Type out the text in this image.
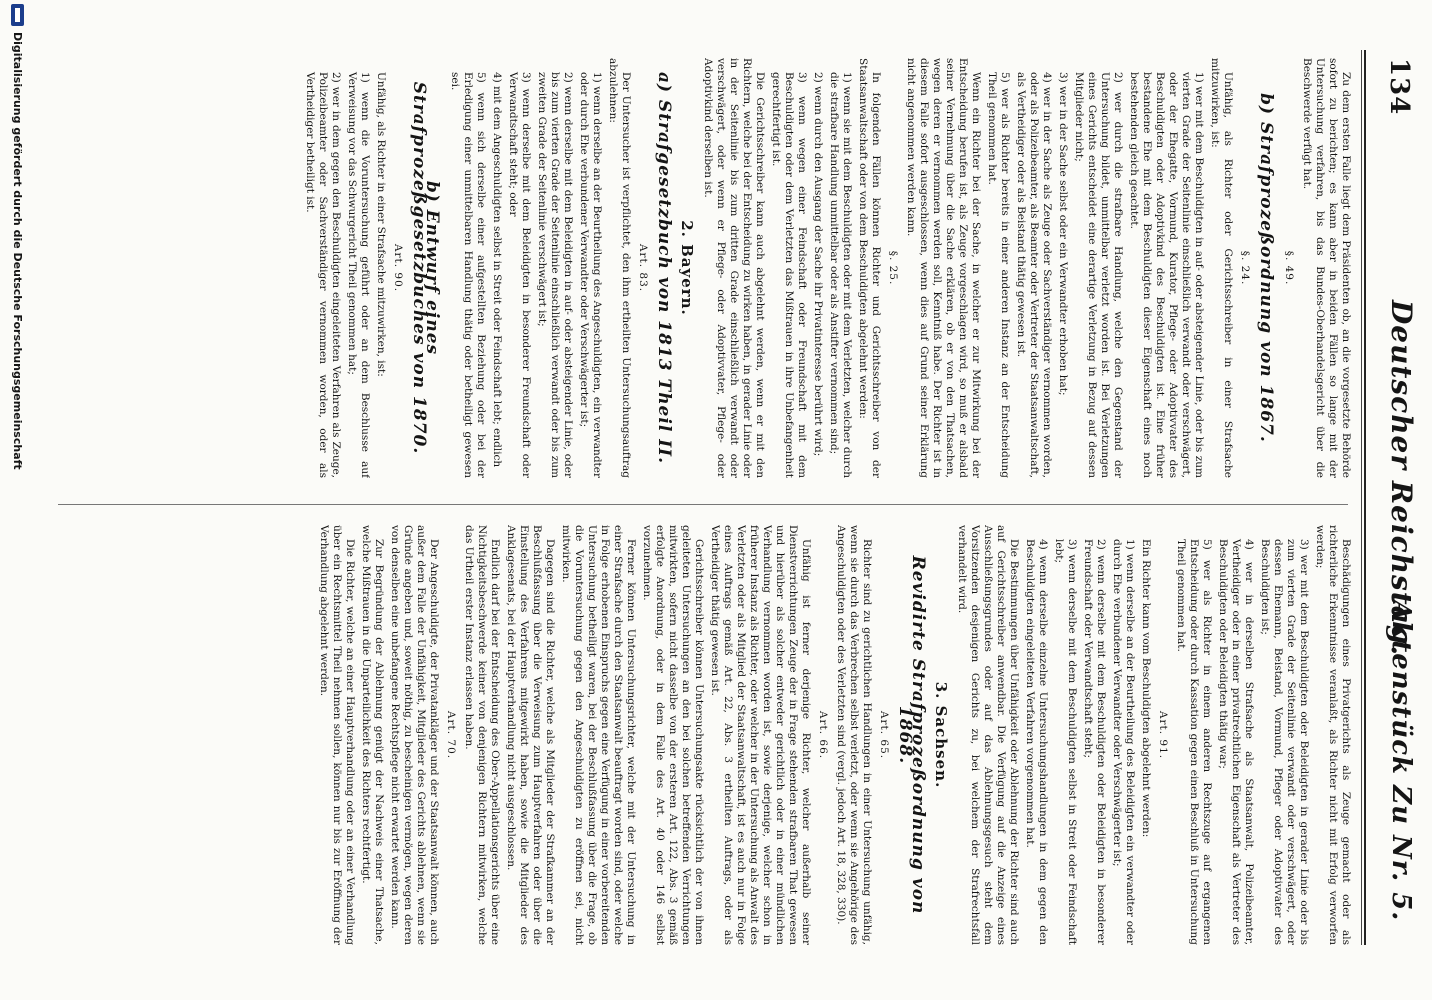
134
Deutscher Reichstag.
Aktenstück Zu Nr. 5.

Zu dem ersten Falle liegt dem Präsidenten ob, an die vorgesetzte Behörde sofort zu berichten; es kann aber in beiden Fällen so lange mit der Untersuchung verfahren, bis das Bundes-Oberhandelsgericht über die Beschwerde verfügt hat.

§. 49.
b) Strafprozeßordnung von 1867.
§. 24.

Unfähig, als Richter oder Gerichtsschreiber in einer Strafsache mitzuwirken, ist:

1) wer mit dem Beschuldigten in auf- oder absteigender Linie, oder bis zum vierten Grade der Seitenlinie einschließlich verwandt oder verschwägert, oder der Ehegatte, Vormund, Kurator, Pflege- oder Adoptivvater des Beschuldigten oder Adoptivkind des Beschuldigten ist. Eine früher bestandene Ehe mit dem Beschuldigten dieser Eigenschaft eines noch bestehenden gleich geachtet.

2) wer durch die strafbare Handlung, welche den Gegenstand der Untersuchung bildet, unmittelbar verletzt worden ist. Bei Verletzungen eines Gerichts entscheidet eine derartige Verletzung in Bezug auf dessen Mitglieder nicht;

3) wer in der Sache selbst oder ein Verwandter erhoben hat;

4) wer in der Sache als Zeuge oder Sachverständiger vernommen worden, oder als Polizeibeamter, als Beamter oder Vertreter der Staatsanwaltschaft, als Vertheidiger oder als Beistand thätig gewesen ist.

5) wer als Richter bereits in einer anderen Instanz an der Entscheidung Theil genommen hat.

Wenn ein Richter bei der Sache, in welcher er zur Mitwirkung bei der Entscheidung berufen ist, als Zeuge vorgeschlagen wird, so muß er alsbald seiner Vernehmung über die Sache erklären, ob er von den Thatsachen, wegen deren er vernommen werden soll, Kenntniß habe. Der Richter ist in diesem Falle sofort ausgeschlossen, wenn dies auf Grund seiner Erklärung nicht angenommen werden kann.

§. 25.

In folgenden Fällen können Richter und Gerichtsschreiber von der Staatsanwaltschaft oder von dem Beschuldigten abgelehnt werden:

1) wenn sie mit dem Beschuldigten oder mit dem Verletzten, welcher durch die strafbare Handlung unmittelbar oder als Anstifter vernommen sind;

2) wenn durch den Ausgang der Sache ihr Privatinteresse berührt wird;

3) wenn wegen einer Feindschaft oder Freundschaft mit dem Beschuldigten oder dem Verletzten das Mißtrauen in ihre Unbefangenheit gerechtfertigt ist.

Die Gerichtsschreiber kann auch abgelehnt werden, wenn er mit den Richtern, welche bei der Entscheidung zu wirken haben, in gerader Linie oder in der Seitenlinie bis zum dritten Grade einschließlich verwandt oder verschwägert, oder wenn er Pflege- oder Adoptivvater, Pflege- oder Adoptivkind derselben ist.

2. Bayern.
a) Strafgesetzbuch von 1813 Theil II.
Art. 83.

Der Untersucher ist verpflichtet, den ihm ertheilten Untersuchungsauftrag abzulehnen:

1) wenn derselbe an der Beurtheilung des Angeschuldigten, ein verwandter oder durch Ehe verbundener Verwandter oder Verschwägerter ist;

2) wenn derselbe mit dem Beleidigten in auf- oder absteigender Linie, oder bis zum vierten Grade der Seitenlinie einschließlich verwandt oder bis zum zweiten Grade der Seitenlinie verschwägert ist;

3) wenn derselbe mit dem Beleidigten in besonderer Freundschaft oder Verwandtschaft steht; oder

4) mit dem Angeschuldigten selbst in Streit oder Feindschaft lebt; endlich

5) wenn sich derselbe einer aufgestellten Beziehung oder bei der Erledigung einer unmittelbaren Handlung thätig oder betheiligt gewesen sei.

b) Entwurf eines Strafprozeßgesetzbuches von 1870.
Art. 90.

Unfähig, als Richter in einer Strafsache mitzuwirken, ist:

1) wenn die Voruntersuchung geführt oder an dem Beschlusse auf Verweisung vor das Schwurgericht Theil genommen hat;

2) wer in dem gegen den Beschuldigten eingeleiteten Verfahren als Zeuge, Polizeibeamter oder Sachverständiger vernommen worden, oder als Vertheidiger betheiligt ist.

Beschädigungen eines Privatgerichts als Zeuge gemacht oder als richterliche Erkenntnisse veranlaßt, als Richter nicht mit Erfolg verworfen werden;

3) wer mit dem Beschuldigten oder Beleidigten in gerader Linie oder bis zum vierten Grade der Seitenlinie verwandt oder verschwägert, oder dessen Ehemann, Beistand, Vormund, Pfleger oder Adoptivvater des Beschuldigten ist;

4) wer in derselben Strafsache als Staatsanwalt, Polizeibeamter, Vertheidiger oder in einer privatrechtlichen Eigenschaft als Vertreter des Beschuldigten oder Beleidigten thätig war;

5) wer als Richter in einem anderen Rechtszuge auf ergangenen Entscheidung oder durch Kassation gegen einen Beschluß in Untersuchung Theil genommen hat.

Art. 91.

Ein Richter kann vom Beschuldigten abgelehnt werden:

1) wenn derselbe an der Beurtheilung des Beleidigten ein verwandter oder durch Ehe verbundener Verwandter oder Verschwägerter ist;

2) wenn derselbe mit dem Beschuldigten oder Beleidigten in besonderer Freundschaft oder Verwandtschaft steht;

3) wenn derselbe mit dem Beschuldigten selbst in Streit oder Feindschaft lebt;

4) wenn derselbe einzelne Untersuchungshandlungen in dem gegen den Beschuldigten eingeleiteten Verfahren vorgenommen hat.

Die Bestimmungen über Unfähigkeit oder Ablehnung der Richter sind auch auf Gerichtsschreiber anwendbar. Die Verfügung auf die Anzeige eines Ausschließungsgrundes oder auf das Ablehnungsgesuch steht dem Vorsitzenden desjenigen Gerichts zu, bei welchem der Strafrechtsfall verhandelt wird.

3. Sachsen.
Revidirte Strafprozeßordnung von 1868.
Art. 65.

Richter sind zu gerichtlichen Handlungen in einer Untersuchung unfähig, wenn sie durch das Verbrechen selbst verletzt, oder wenn sie Angehörige des Angeschuldigten oder des Verletzten sind (vergl. jedoch Art. 18, 328, 330).

Art. 66.

Unfähig ist ferner derjenige Richter, welcher außerhalb seiner Dienstverrichtungen Zeuge der in Frage stehenden strafbaren That gewesen und hierüber als solcher entweder gerichtlich oder in einer mündlichen Verhandlung vernommen worden ist, sowie derjenige, welcher schon in früherer Instanz als Richter, oder welcher in der Untersuchung als Anwalt des Verletzten oder als Mitglied der Staatsanwaltschaft, ist es auch nur in Folge eines Auftrags gemäß Art. 22, Abs. 3 ertheilten Auftrags, oder als Vertheidiger thätig gewesen ist.

Gerichtsschreiber können Untersuchungsakte rücksichtlich der von ihnen geleiteten Untersuchungen an den bei solchen betreffenden Verrichtungen mitwirkten, sofern nicht dasselbe von der ersteren Art. 122, Abs. 3 gemäß erfolgte Anordnung, oder in dem Falle des Art. 40 oder 146 selbst vorzunehmen.

Ferner können Untersuchungsrichter, welche mit der Untersuchung in einer Strafsache durch den Staatsanwalt beauftragt worden sind, oder welche in Folge erhobenen Einspruchs gegen eine Verfügung in einer vorbereitenden Untersuchung betheiligt waren, bei der Beschlußfassung über die Frage, ob die Voruntersuchung gegen den Angeschuldigten zu eröffnen sei, nicht mitwirken.

Dagegen sind die Richter, welche als Mitglieder der Strafkammer an der Beschlußfassung über die Verweisung zum Hauptverfahren oder über die Einstellung des Verfahrens mitgewirkt haben, sowie die Mitglieder des Anklagesenats, bei der Hauptverhandlung nicht ausgeschlossen.

Endlich darf bei der Entscheidung des Ober-Appellationsgerichts über eine Nichtigkeitsbeschwerde keiner von denjenigen Richtern mitwirken, welche das Urtheil erster Instanz erlassen haben.

Art. 70.

Der Angeschuldigte, der Privatankläger und der Staatsanwalt können, auch außer dem Falle der Unfähigkeit, Mitglieder des Gerichts ablehnen, wenn sie Gründe angeben und, soweit nöthig, zu bescheinigen vermögen, wegen deren von denselben eine unbefangene Rechtspflege nicht erwartet werden kann.

Zur Begründung der Ablehnung genügt der Nachweis einer Thatsache, welche Mißtrauen in die Unparteilichkeit des Richters rechtfertigt.

Die Richter, welche an einer Hauptverhandlung oder an einer Verhandlung über ein Rechtsmittel Theil nehmen sollen, können nur bis zur Eröffnung der Verhandlung abgelehnt werden.

Digitalisierung gefördert durch die Deutsche Forschungsgemeinschaft
